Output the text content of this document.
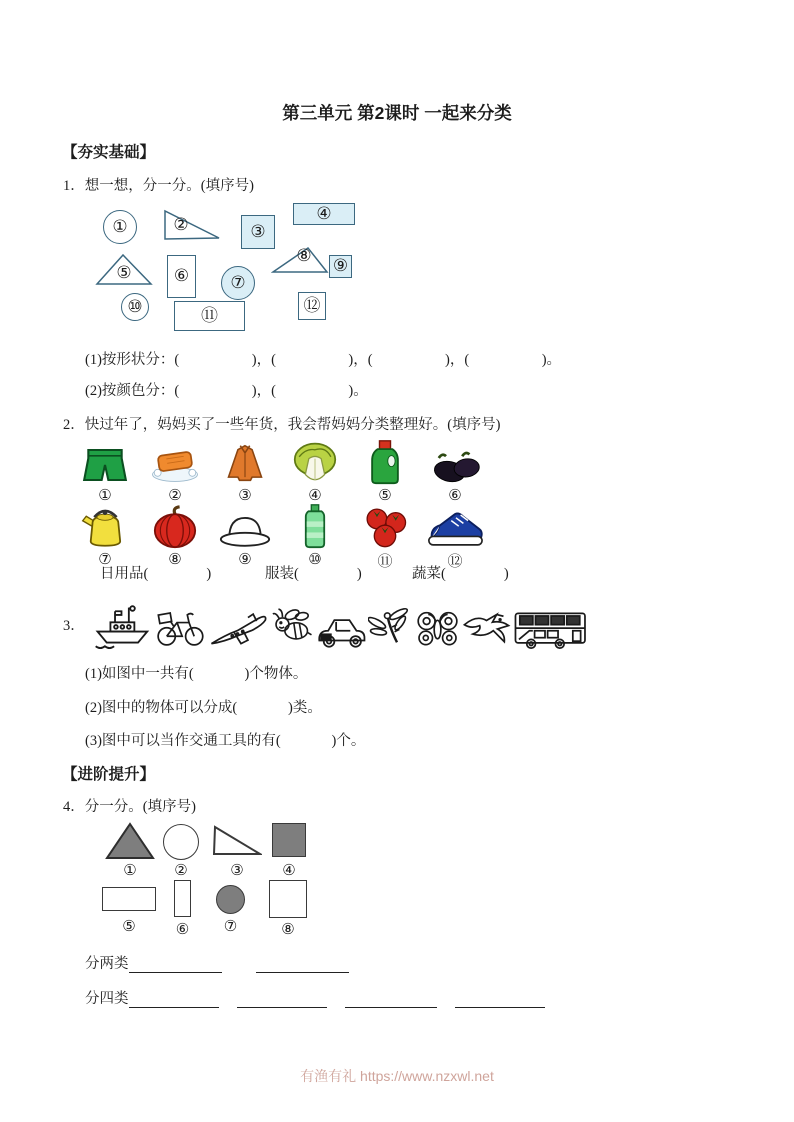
第三单元 第2课时 一起来分类
【夯实基础】
1．想一想，分一分。(填序号)
①	②	③
④
⑤ ⑥ ⑦
⑧
⑨
⑩	⑪	⑫
(1)按形状分：(                    )，(                    )，(                    )，(                    )。
(2)按颜色分：(                    )，(                    )。
2．快过年了，妈妈买了一些年货，我会帮妈妈分类整理好。(填序号)
①	②	③	④	⑤	⑥
⑦	⑧	⑨	⑩	⑪	⑫
日用品(                )	服装(                )	蔬菜(                )
3．
(1)如图中一共有(              )个物体。
(2)图中的物体可以分成(              )类。
(3)图中可以当作交通工具的有(              )个。
【进阶提升】
4．分一分。(填序号)
①	②	③	④
⑤	⑥	⑦	⑧
分两类
分四类
有渔有礼 https://www.nzxwl.net
